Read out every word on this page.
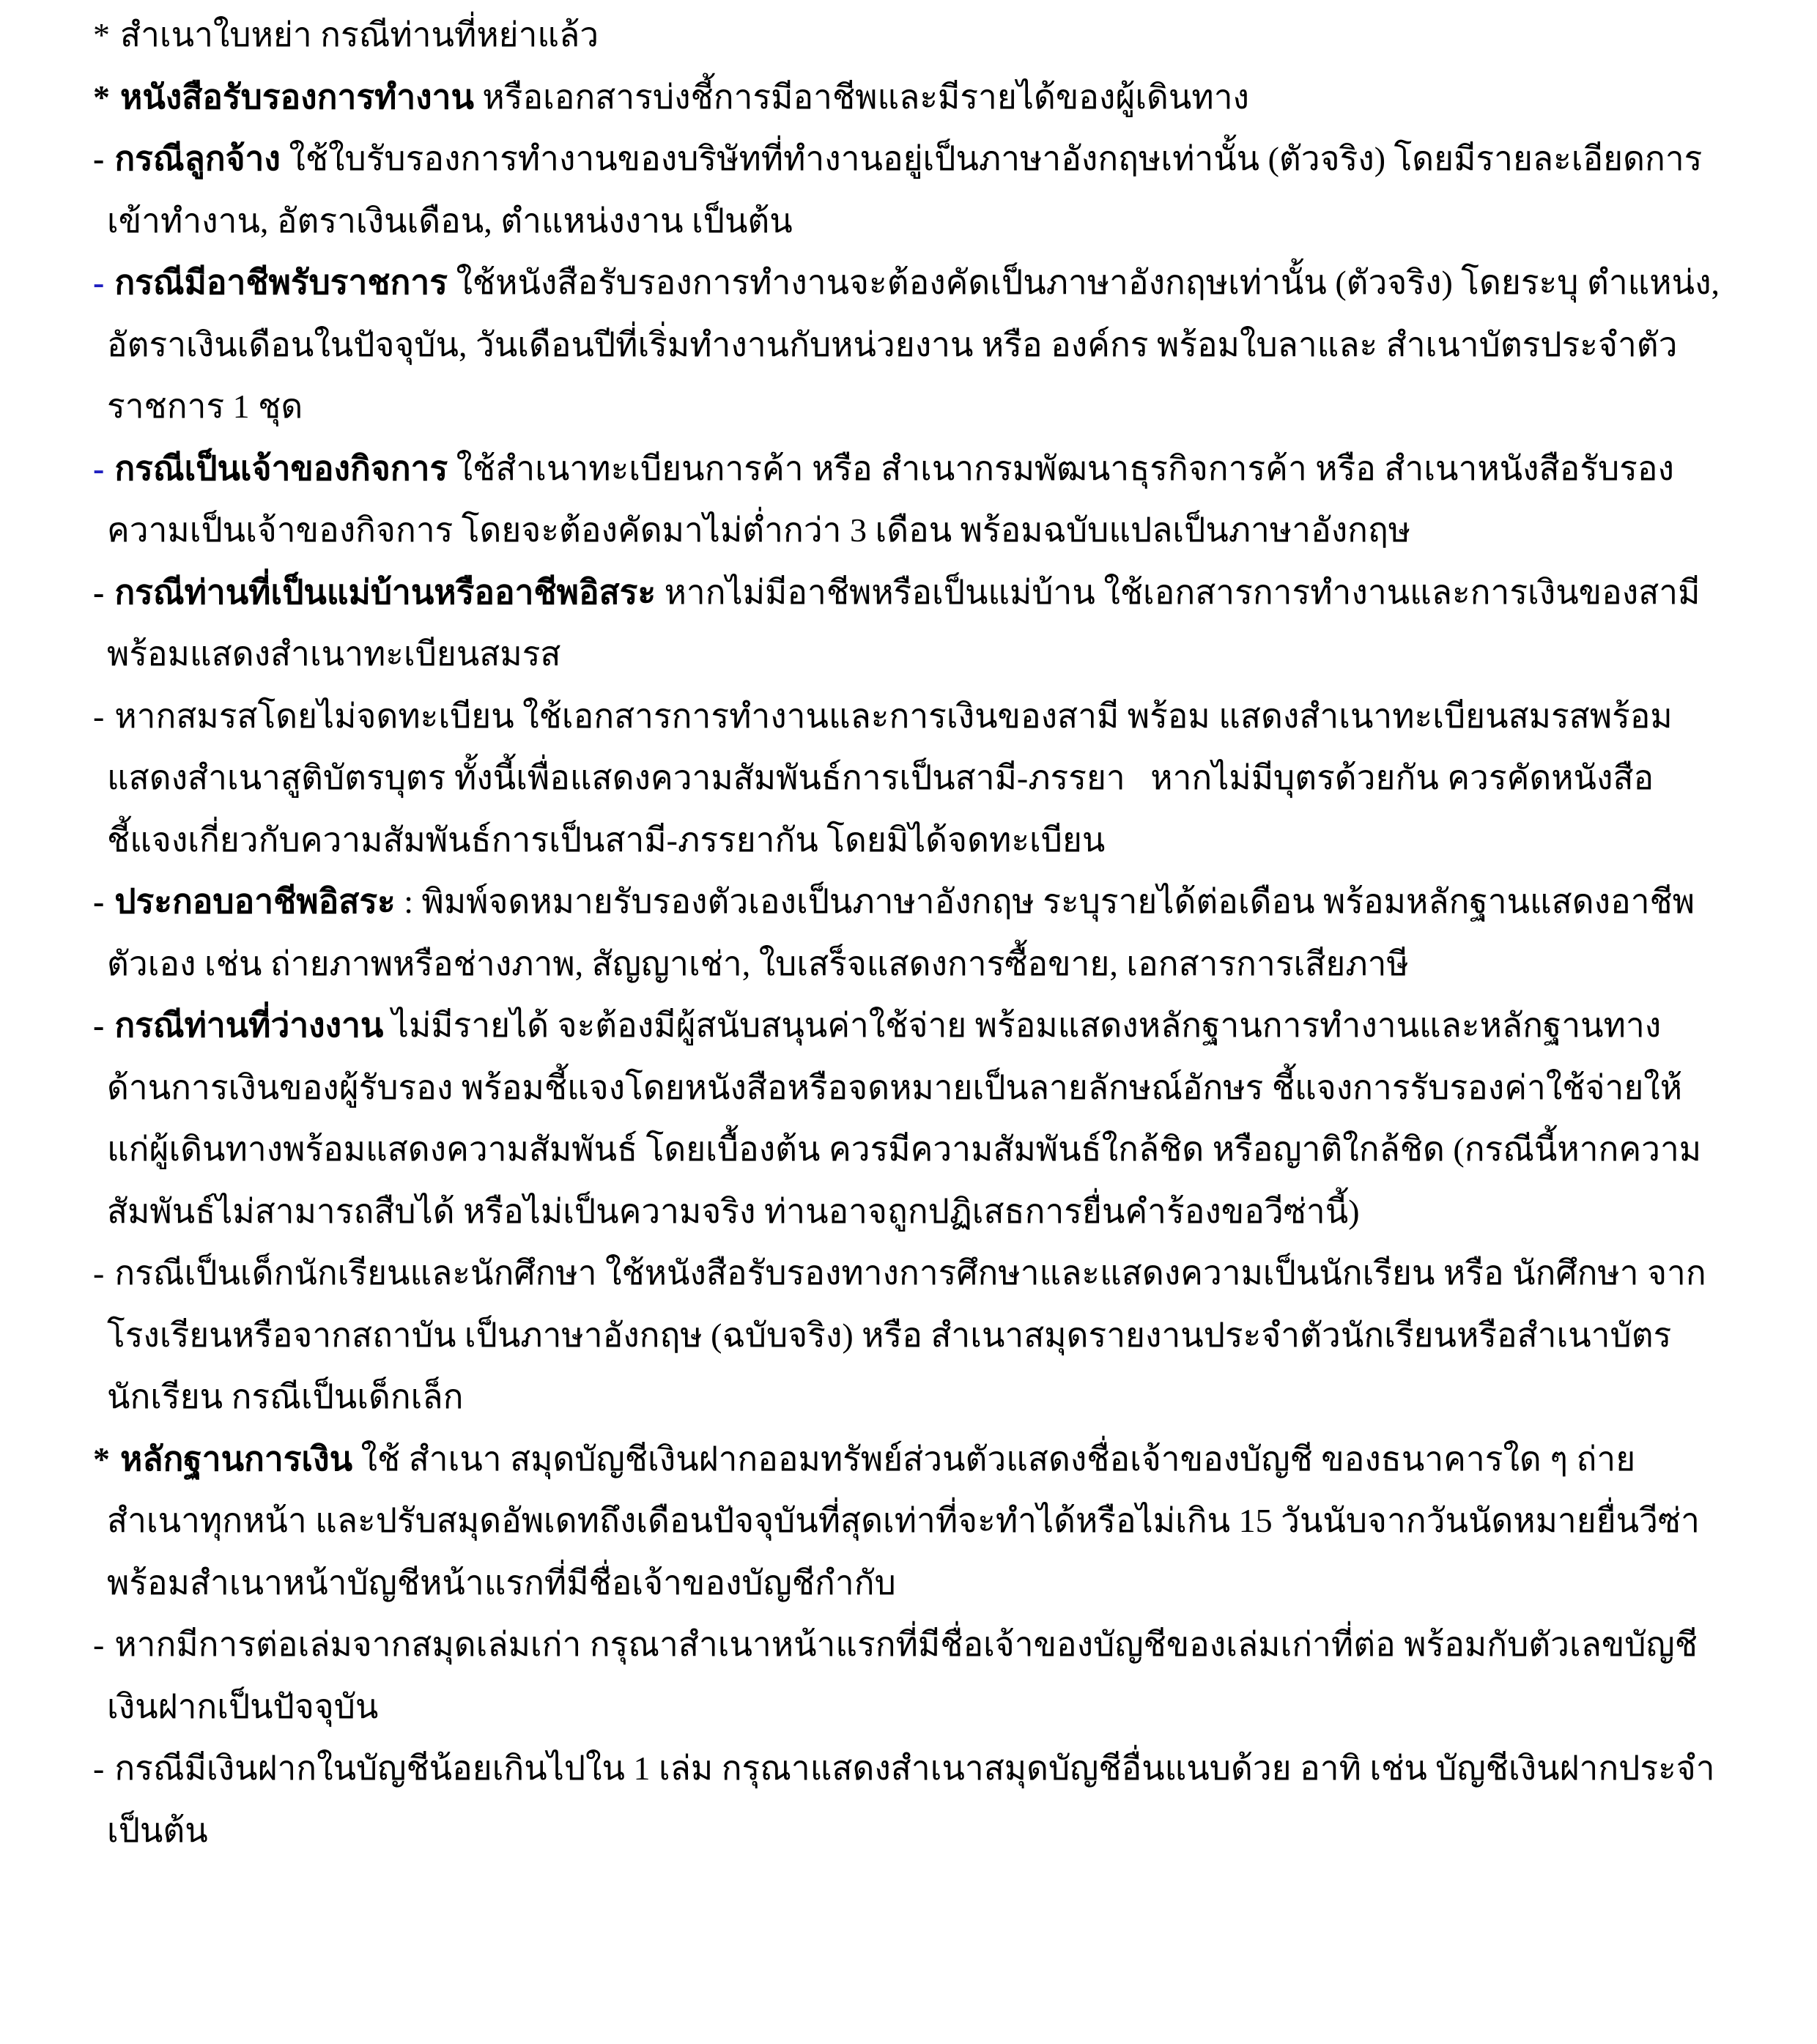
* สำเนาใบหย่า กรณีท่านที่หย่าแล้ว
* หนังสือรับรองการทำงาน หรือเอกสารบ่งชี้การมีอาชีพและมีรายได้ของผู้เดินทาง
- กรณีลูกจ้าง ใช้ใบรับรองการทำงานของบริษัทที่ทำงานอยู่เป็นภาษาอังกฤษเท่านั้น (ตัวจริง) โดยมีรายละเอียดการเข้าทำงาน, อัตราเงินเดือน, ตำแหน่งงาน เป็นต้น
- กรณีมีอาชีพรับราชการ ใช้หนังสือรับรองการทำงานจะต้องคัดเป็นภาษาอังกฤษเท่านั้น (ตัวจริง) โดยระบุ ตำแหน่ง, อัตราเงินเดือนในปัจจุบัน, วันเดือนปีที่เริ่มทำงานกับหน่วยงาน หรือ องค์กร พร้อมใบลาและ สำเนาบัตรประจำตัวราชการ 1 ชุด
- กรณีเป็นเจ้าของกิจการ ใช้สำเนาทะเบียนการค้า หรือ สำเนากรมพัฒนาธุรกิจการค้า หรือ สำเนาหนังสือรับรองความเป็นเจ้าของกิจการ โดยจะต้องคัดมาไม่ต่ำกว่า 3 เดือน พร้อมฉบับแปลเป็นภาษาอังกฤษ
- กรณีท่านที่เป็นแม่บ้านหรืออาชีพอิสระ หากไม่มีอาชีพหรือเป็นแม่บ้าน ใช้เอกสารการทำงานและการเงินของสามี พร้อมแสดงสำเนาทะเบียนสมรส
- หากสมรสโดยไม่จดทะเบียน ใช้เอกสารการทำงานและการเงินของสามี พร้อม แสดงสำเนาทะเบียนสมรสพร้อมแสดงสำเนาสูติบัตรบุตร ทั้งนี้เพื่อแสดงความสัมพันธ์การเป็นสามี-ภรรยา   หากไม่มีบุตรด้วยกัน ควรคัดหนังสือชี้แจงเกี่ยวกับความสัมพันธ์การเป็นสามี-ภรรยากัน โดยมิได้จดทะเบียน
- ประกอบอาชีพอิสระ : พิมพ์จดหมายรับรองตัวเองเป็นภาษาอังกฤษ ระบุรายได้ต่อเดือน พร้อมหลักฐานแสดงอาชีพตัวเอง เช่น ถ่ายภาพหรือช่างภาพ, สัญญาเช่า, ใบเสร็จแสดงการซื้อขาย, เอกสารการเสียภาษี
- กรณีท่านที่ว่างงาน ไม่มีรายได้ จะต้องมีผู้สนับสนุนค่าใช้จ่าย พร้อมแสดงหลักฐานการทำงานและหลักฐานทางด้านการเงินของผู้รับรอง พร้อมชี้แจงโดยหนังสือหรือจดหมายเป็นลายลักษณ์อักษร ชี้แจงการรับรองค่าใช้จ่ายให้แก่ผู้เดินทางพร้อมแสดงความสัมพันธ์ โดยเบื้องต้น ควรมีความสัมพันธ์ใกล้ชิด หรือญาติใกล้ชิด (กรณีนี้หากความสัมพันธ์ไม่สามารถสืบได้ หรือไม่เป็นความจริง ท่านอาจถูกปฏิเสธการยื่นคำร้องขอวีซ่านี้)
- กรณีเป็นเด็กนักเรียนและนักศึกษา ใช้หนังสือรับรองทางการศึกษาและแสดงความเป็นนักเรียน หรือ นักศึกษา จากโรงเรียนหรือจากสถาบัน เป็นภาษาอังกฤษ (ฉบับจริง) หรือ สำเนาสมุดรายงานประจำตัวนักเรียนหรือสำเนาบัตรนักเรียน กรณีเป็นเด็กเล็ก
* หลักฐานการเงิน ใช้ สำเนา สมุดบัญชีเงินฝากออมทรัพย์ส่วนตัวแสดงชื่อเจ้าของบัญชี ของธนาคารใด ๆ ถ่ายสำเนาทุกหน้า และปรับสมุดอัพเดทถึงเดือนปัจจุบันที่สุดเท่าที่จะทำได้หรือไม่เกิน 15 วันนับจากวันนัดหมายยื่นวีซ่า พร้อมสำเนาหน้าบัญชีหน้าแรกที่มีชื่อเจ้าของบัญชีกำกับ
- หากมีการต่อเล่มจากสมุดเล่มเก่า กรุณาสำเนาหน้าแรกที่มีชื่อเจ้าของบัญชีของเล่มเก่าที่ต่อ พร้อมกับตัวเลขบัญชีเงินฝากเป็นปัจจุบัน
- กรณีมีเงินฝากในบัญชีน้อยเกินไปใน 1 เล่ม กรุณาแสดงสำเนาสมุดบัญชีอื่นแนบด้วย อาทิ เช่น บัญชีเงินฝากประจำเป็นต้น
